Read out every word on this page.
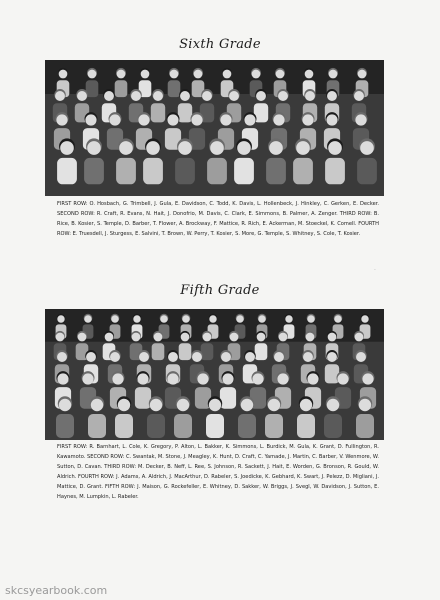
Sixth Grade
FIRST ROW: O. Hosbach, G. Trimbell, J. Gula, E. Davidson, C. Todd, K. Davis, L. Hollenbeck, J. Hinkley, C. Gerken, E. Decker. SECOND ROW: R. Craft, R. Evans, N. Hait, J. Donofrio, M. Davis, C. Clark, E. Simmons, B. Palmer, A. Zenger. THIRD ROW: B. Rice, B. Kosier, S. Temple, D. Barber, T. Flower, A. Brockway, F. Mattice, R. Rich, E. Ackerman, M. Stoeckel, K. Comell. FOURTH ROW: E. Truesdell, J. Sturgess, E. Salvini, T. Brown, W. Perry, T. Kosier, S. More, G. Temple, S. Whitney, S. Cole, T. Kosier.
·
Fifth Grade
FIRST ROW: R. Barnhart, L. Cole, K. Gregory, P. Alton, L. Bakker, K. Simmons, L. Burdick, M. Gula, K. Grant, D. Fullington, R. Kawamoto. SECOND ROW: C. Swantak, M. Stone, J. Meagley, K. Hunt, D. Craft, C. Yamade, J. Martin, C. Barber, V. Wenmore, W. Sutton, D. Cavan. THIRD ROW: M. Decker, B. Neff, L. Ree, S. Johnson, R. Sackett, J. Hait, E. Worden, G. Bronson, R. Gould, W. Aldrich. FOURTH ROW: J. Adams, A. Aldrich, J. MacArthur, D. Rabeler, S. Joedicke, K. Gebhard, K. Swart, J. Pelezz, D. Migliani, J. Mattice, D. Grant. FIFTH ROW: J. Maison, G. Rockefeller, E. Whitney, D. Sakker, W. Briggs, J. Svegl, W. Davidson, J. Sutton, E. Haynes, M. Lumpkin, L. Rabeler.
skcsyearbook.com
